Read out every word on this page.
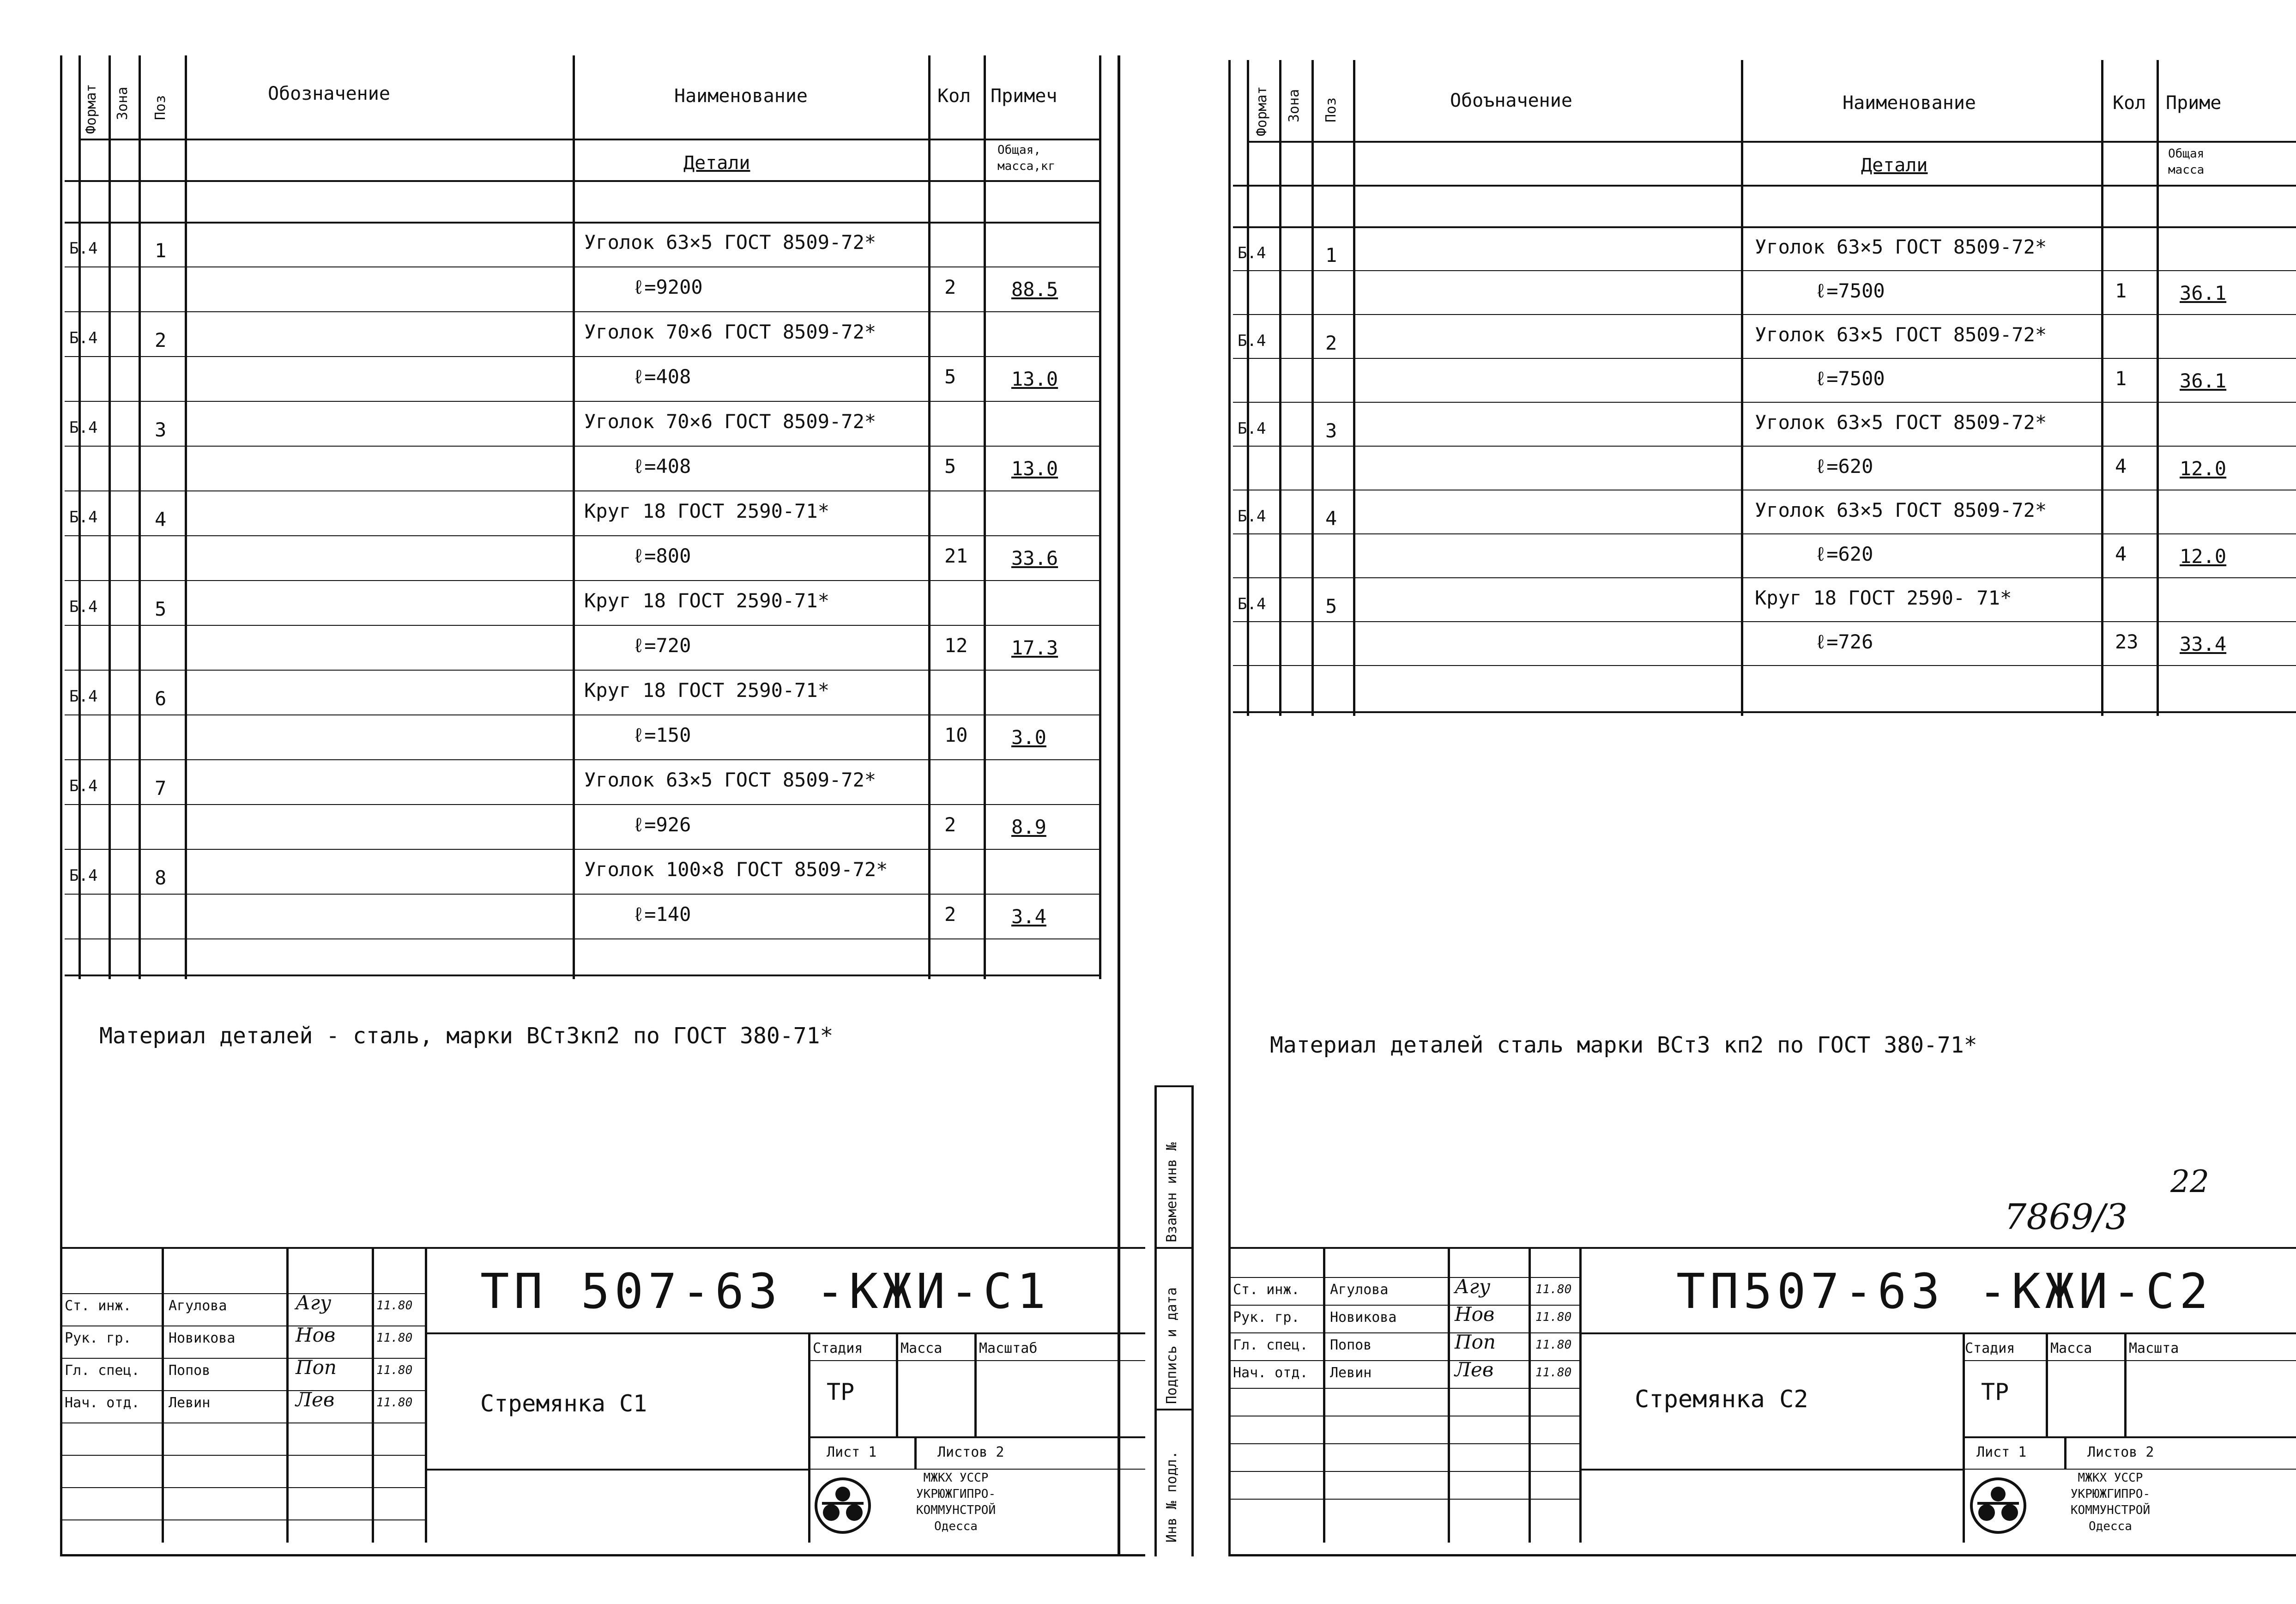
Формат Зона Поз
Обозначение	Наименование	Кол Примеч
Детали
Общая,
масса,кг
Б.4	1	Уголок 63×5 ГОСТ 8509-72*
ℓ=9200	2	88.5
Б.4	2	Уголок 70×6 ГОСТ 8509-72*
ℓ=408	5	13.0
Б.4	3	Уголок 70×6 ГОСТ 8509-72*
ℓ=408	5	13.0
Б.4	4	Круг 18 ГОСТ 2590-71*
ℓ=800	21 33.6
Б.4	5	Круг 18 ГОСТ 2590-71*
ℓ=720	12 17.3
Б.4	6	Круг 18 ГОСТ 2590-71*
ℓ=150	10 3.0
Б.4	7	Уголок 63×5 ГОСТ 8509-72*
ℓ=926	2	8.9
Б.4	8	Уголок 100×8 ГОСТ 8509-72*
ℓ=140	2	3.4
Материал деталей - сталь, марки ВСт3кп2 по ГОСТ 380-71*
Ст. инж.	Агулова	Агу	11.80
Рук. гр.	Новикова	Нов	11.80
Гл. спец. Попов	Поп	11.80
Нач. отд. Левин	Лев	11.80
ТП 507-63 -КЖИ-С1
Стремянка С1
Стадия	Масса	Масштаб
ТР
Лист 1	Листов 2
МЖКХ УССР
УКРЮЖГИПРО-
КОММУНСТРОЙ
Одесса	Инв № подл.
Подпись и дата
Взамен инв №
Формат Зона Поз	Обоъначение	Наименование	Кол Приме
Детали
Общая
масса
Б.4	1	Уголок 63×5 ГОСТ 8509-72*
ℓ=7500	1	36.1
Б.4	2	Уголок 63×5 ГОСТ 8509-72*
ℓ=7500	1	36.1
Б.4	3	Уголок 63×5 ГОСТ 8509-72*
ℓ=620	4	12.0
Б.4	4	Уголок 63×5 ГОСТ 8509-72*
ℓ=620	4	12.0
Б.4	5	Круг 18 ГОСТ 2590- 71*
ℓ=726	23 33.4
Материал деталей сталь марки ВСт3 кп2 по ГОСТ 380-71*
22
7869/3
Ст. инж. Агулова	Агу	11.80
Рук. гр. Новикова	Нов	11.80
Гл. спец. Попов	Поп	11.80
Нач. отд. Левин	Лев	11.80
ТП507-63 -КЖИ-С2
Стремянка С2
Стадия	Масса	Масшта
ТР
Лист 1	Листов 2
МЖКХ УССР
УКРЮЖГИПРО-
КОММУНСТРОЙ
Одесса
